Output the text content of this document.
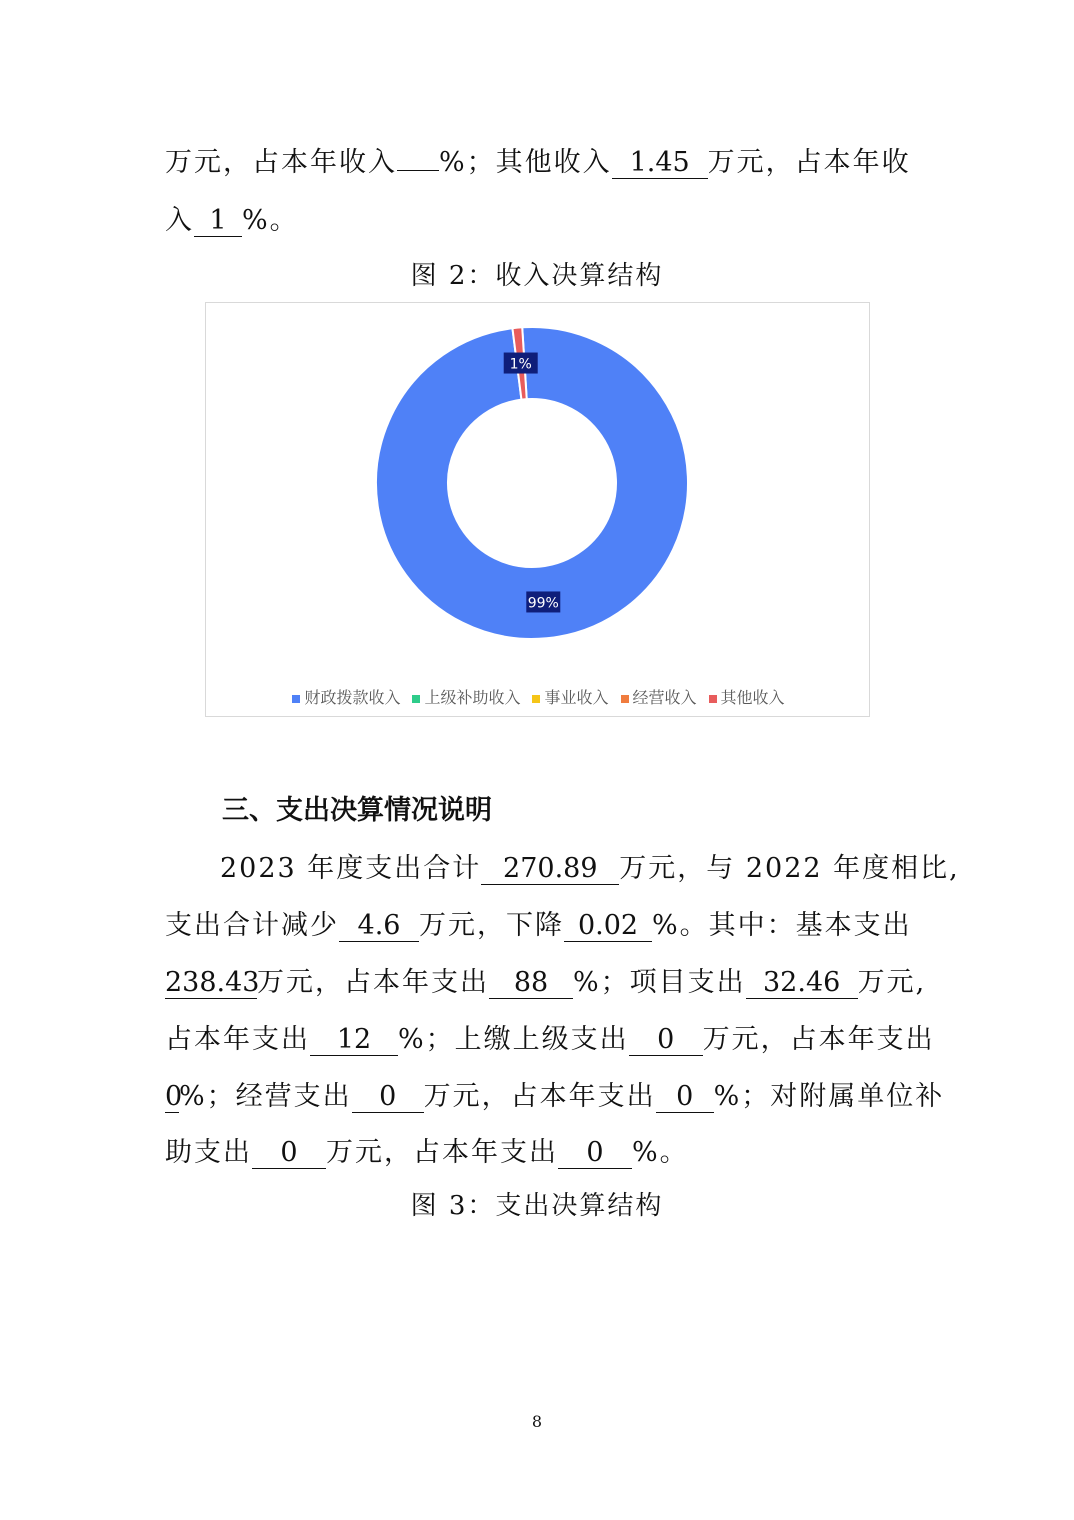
万元，占本年收入 %；其他收入 1.45 万元，占本年收
入 1 %。
图 2：收入决算结构
99%
1%
财政拨款收入 上级补助收入 事业收入 经营收入 其他收入
三、支出决算情况说明
2023 年度支出合计 270.89 万元，与 2022 年度相比,
支出合计减少 4.6 万元，下降 0.02 %。其中：基本支出
238.43万元，占本年支出 88 %；项目支出 32.46 万元,
占本年支出 12 %；上缴上级支出 0 万元，占本年支出
0%；经营支出 0 万元，占本年支出 0 %；对附属单位补
助支出 0 万元，占本年支出 0 %。
图 3：支出决算结构
8
